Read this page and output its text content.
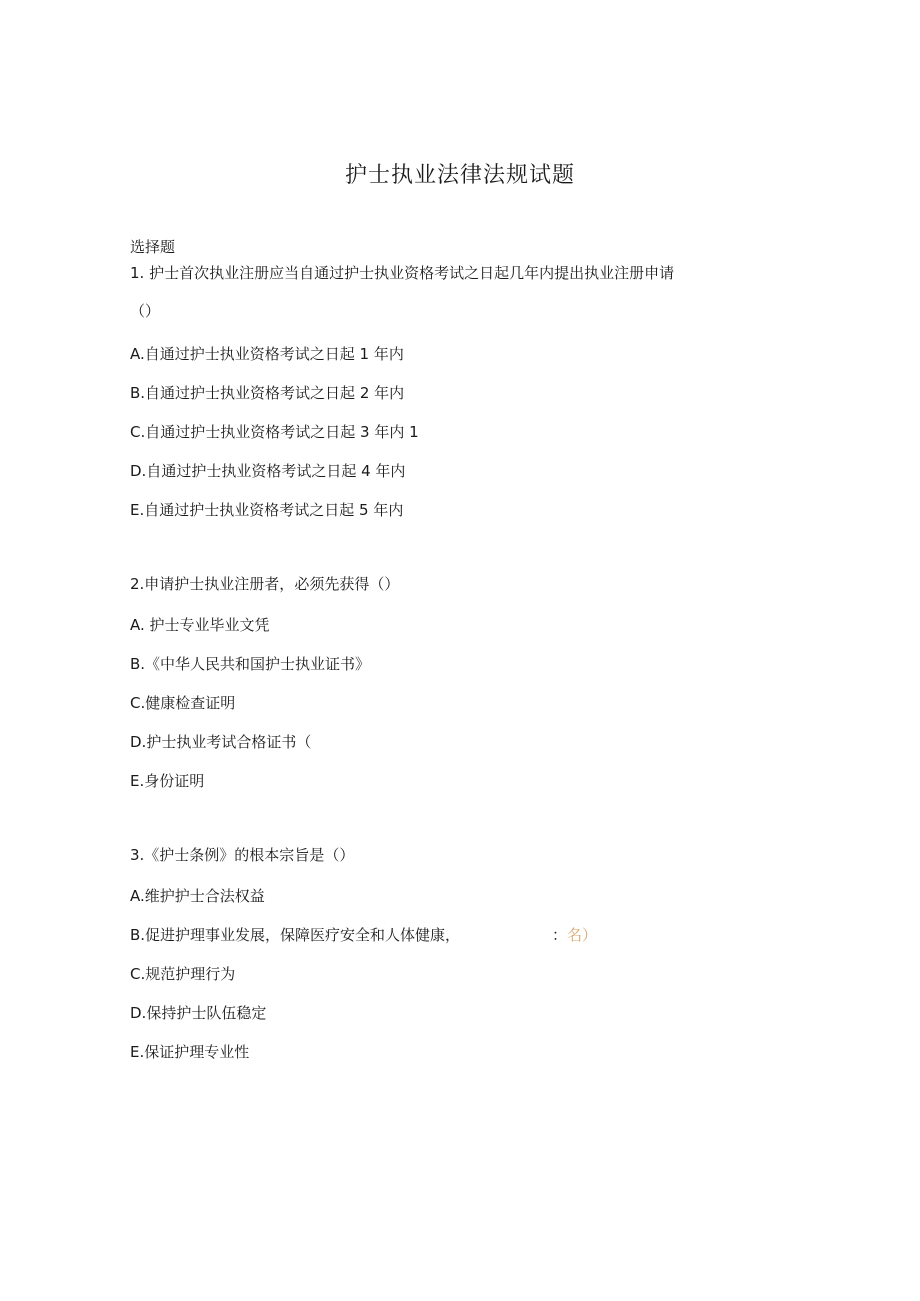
护士执业法律法规试题
选择题
1. 护士首次执业注册应当自通过护士执业资格考试之日起几年内提出执业注册申请
（）
A.自通过护士执业资格考试之日起 1 年内
B.自通过护士执业资格考试之日起 2 年内
C.自通过护士执业资格考试之日起 3 年内 1
D.自通过护士执业资格考试之日起 4 年内
E.自通过护士执业资格考试之日起 5 年内
2.申请护士执业注册者，必须先获得（）
A. 护士专业毕业文凭
B.《中华人民共和国护士执业证书》
C.健康检查证明
D.护士执业考试合格证书（
E.身份证明
3.《护士条例》的根本宗旨是（）
A.维护护士合法权益
B.促进护理事业发展，保障医疗安全和人体健康，	：名）
C.规范护理行为
D.保持护士队伍稳定
E.保证护理专业性
